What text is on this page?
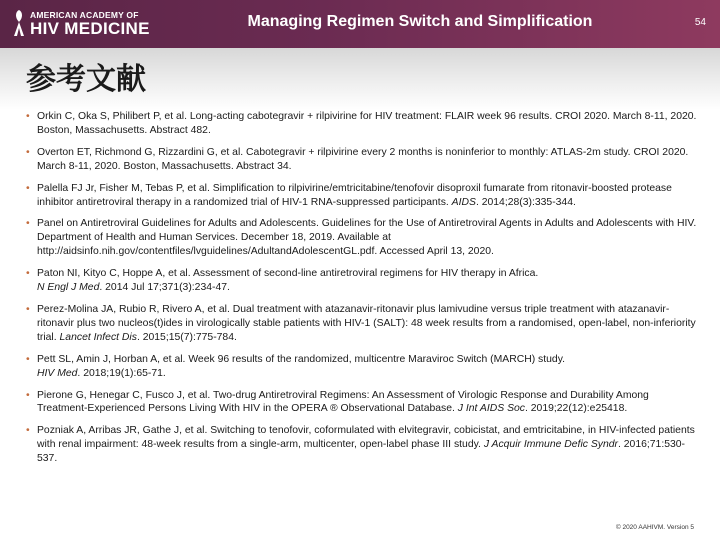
AMERICAN ACADEMY OF
HIV MEDICINE	Managing Regimen Switch and Simplification	54
参考文献
• Orkin C, Oka S, Philibert P, et al. Long-acting cabotegravir + rilpivirine for HIV treatment: FLAIR week 96 results. CROI 2020. March 8-11, 2020. Boston, Massachusetts. Abstract 482.
• Overton ET, Richmond G, Rizzardini G, et al. Cabotegravir + rilpivirine every 2 months is noninferior to monthly: ATLAS-2m study. CROI 2020. March 8-11, 2020. Boston, Massachusetts. Abstract 34.
• Palella FJ Jr, Fisher M, Tebas P, et al. Simplification to rilpivirine/emtricitabine/tenofovir disoproxil fumarate from ritonavir-boosted protease inhibitor antiretroviral therapy in a randomized trial of HIV-1 RNA-suppressed participants. AIDS. 2014;28(3):335-344.
• Panel on Antiretroviral Guidelines for Adults and Adolescents. Guidelines for the Use of Antiretroviral Agents in Adults and Adolescents with HIV. Department of Health and Human Services. December 18, 2019. Available at http://aidsinfo.nih.gov/contentfiles/lvguidelines/AdultandAdolescentGL.pdf. Accessed April 13, 2020.
• Paton NI, Kityo C, Hoppe A, et al. Assessment of second-line antiretroviral regimens for HIV therapy in Africa.
N Engl J Med. 2014 Jul 17;371(3):234-47.
• Perez-Molina JA, Rubio R, Rivero A, et al. Dual treatment with atazanavir-ritonavir plus lamivudine versus triple treatment with atazanavir-ritonavir plus two nucleos(t)ides in virologically stable patients with HIV-1 (SALT): 48 week results from a randomised, open-label, non-inferiority trial. Lancet Infect Dis. 2015;15(7):775-784.
• Pett SL, Amin J, Horban A, et al. Week 96 results of the randomized, multicentre Maraviroc Switch (MARCH) study.
HIV Med. 2018;19(1):65-71.
• Pierone G, Henegar C, Fusco J, et al. Two-drug Antiretroviral Regimens: An Assessment of Virologic Response and Durability Among Treatment-Experienced Persons Living With HIV in the OPERA ® Observational Database. J Int AIDS Soc. 2019;22(12):e25418.
• Pozniak A, Arribas JR, Gathe J, et al. Switching to tenofovir, coformulated with elvitegravir, cobicistat, and emtricitabine, in HIV-infected patients with renal impairment: 48-week results from a single-arm, multicenter, open-label phase III study. J Acquir Immune Defic Syndr. 2016;71:530-537.
© 2020 AAHIVM. Version 5
